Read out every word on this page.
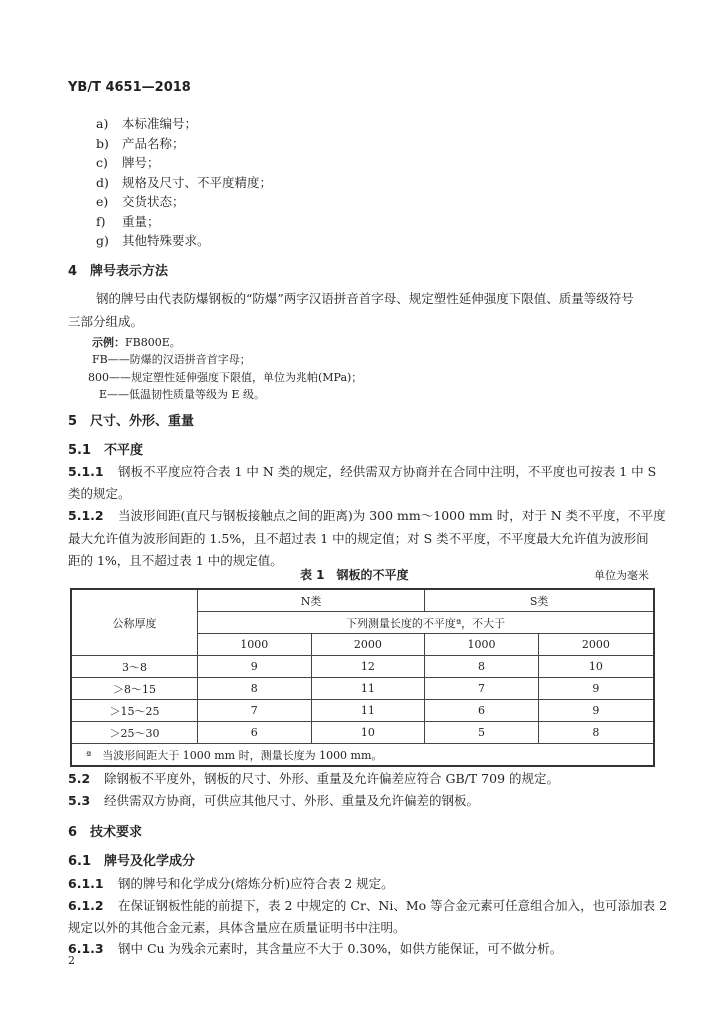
YB/T 4651—2018
a) 本标准编号；
b) 产品名称；
c) 牌号；
d) 规格及尺寸、不平度精度；
e) 交货状态；
f) 重量；
g) 其他特殊要求。
4 牌号表示方法
钢的牌号由代表防爆钢板的“防爆”两字汉语拼音首字母、规定塑性延伸强度下限值、质量等级符号
三部分组成。
示例：FB800E。
FB——防爆的汉语拼音首字母；
800——规定塑性延伸强度下限值，单位为兆帕(MPa)；
E——低温韧性质量等级为 E 级。
5 尺寸、外形、重量
5.1 不平度
5.1.1 钢板不平度应符合表 1 中 N 类的规定，经供需双方协商并在合同中注明，不平度也可按表 1 中 S
类的规定。
5.1.2 当波形间距(直尺与钢板接触点之间的距离)为 300 mm～1000 mm 时，对于 N 类不平度，不平度
最大允许值为波形间距的 1.5%，且不超过表 1 中的规定值；对 S 类不平度，不平度最大允许值为波形间
距的 1%，且不超过表 1 中的规定值。
表 1　钢板的不平度	单位为毫米
公称厚度	N类		S类	
	下列测量长度的不平度ª，不大于			
	1000	2000	1000	2000
3～8	9	12	8	10
＞8～15	8	11	7	9
＞15～25	7	11	6	9
＞25～30	6	10	5	8
ª　当波形间距大于 1000 mm 时，测量长度为 1000 mm。				
5.2 除钢板不平度外，钢板的尺寸、外形、重量及允许偏差应符合 GB/T 709 的规定。
5.3 经供需双方协商，可供应其他尺寸、外形、重量及允许偏差的钢板。
6 技术要求
6.1 牌号及化学成分
6.1.1 钢的牌号和化学成分(熔炼分析)应符合表 2 规定。
6.1.2 在保证钢板性能的前提下，表 2 中规定的 Cr、Ni、Mo 等合金元素可任意组合加入，也可添加表 2
规定以外的其他合金元素，具体含量应在质量证明书中注明。
6.1.3 钢中 Cu 为残余元素时，其含量应不大于 0.30%，如供方能保证，可不做分析。
2
